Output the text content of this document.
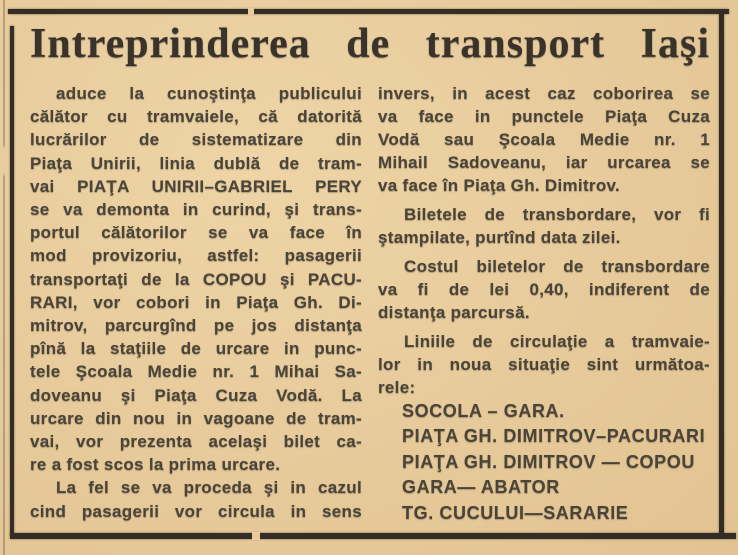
Intreprinderea de transport Iaşi
aduce la cunoştinţa publicului
călător cu tramvaiele, că datorită
lucrărilor de sistematizare din
Piaţa Unirii, linia dublă de tram-
vai PIAŢA UNIRII–GABRIEL PERY
se va demonta in curind, şi trans-
portul călătorilor se va face în
mod provizoriu, astfel: pasagerii
transportaţi de la COPOU şi PACU-
RARI, vor cobori in Piaţa Gh. Di-
mitrov, parcurgînd pe jos distanţa
pînă la staţiile de urcare in punc-
tele Şcoala Medie nr. 1 Mihai Sa-
doveanu şi Piaţa Cuza Vodă. La
urcare din nou in vagoane de tram-
vai, vor prezenta acelaşi bilet ca-
re a fost scos la prima urcare.
La fel se va proceda şi in cazul
cind pasagerii vor circula in sens
invers, in acest caz coborirea se
va face in punctele Piaţa Cuza
Vodă sau Şcoala Medie nr. 1
Mihail Sadoveanu, iar urcarea se
va face în Piaţa Gh. Dimitrov.
Biletele de transbordare, vor fi
ştampilate, purtînd data zilei.
Costul biletelor de transbordare
va fi de lei 0,40, indiferent de
distanţa parcursă.
Liniile de circulaţie a tramvaie-
lor in noua situaţie sint următoa-
rele:
SOCOLA – GARA.
PIAŢA GH. DIMITROV–PACURARI
PIAŢA GH. DIMITROV — COPOU
GARA— ABATOR
TG. CUCULUI—SARARIE
